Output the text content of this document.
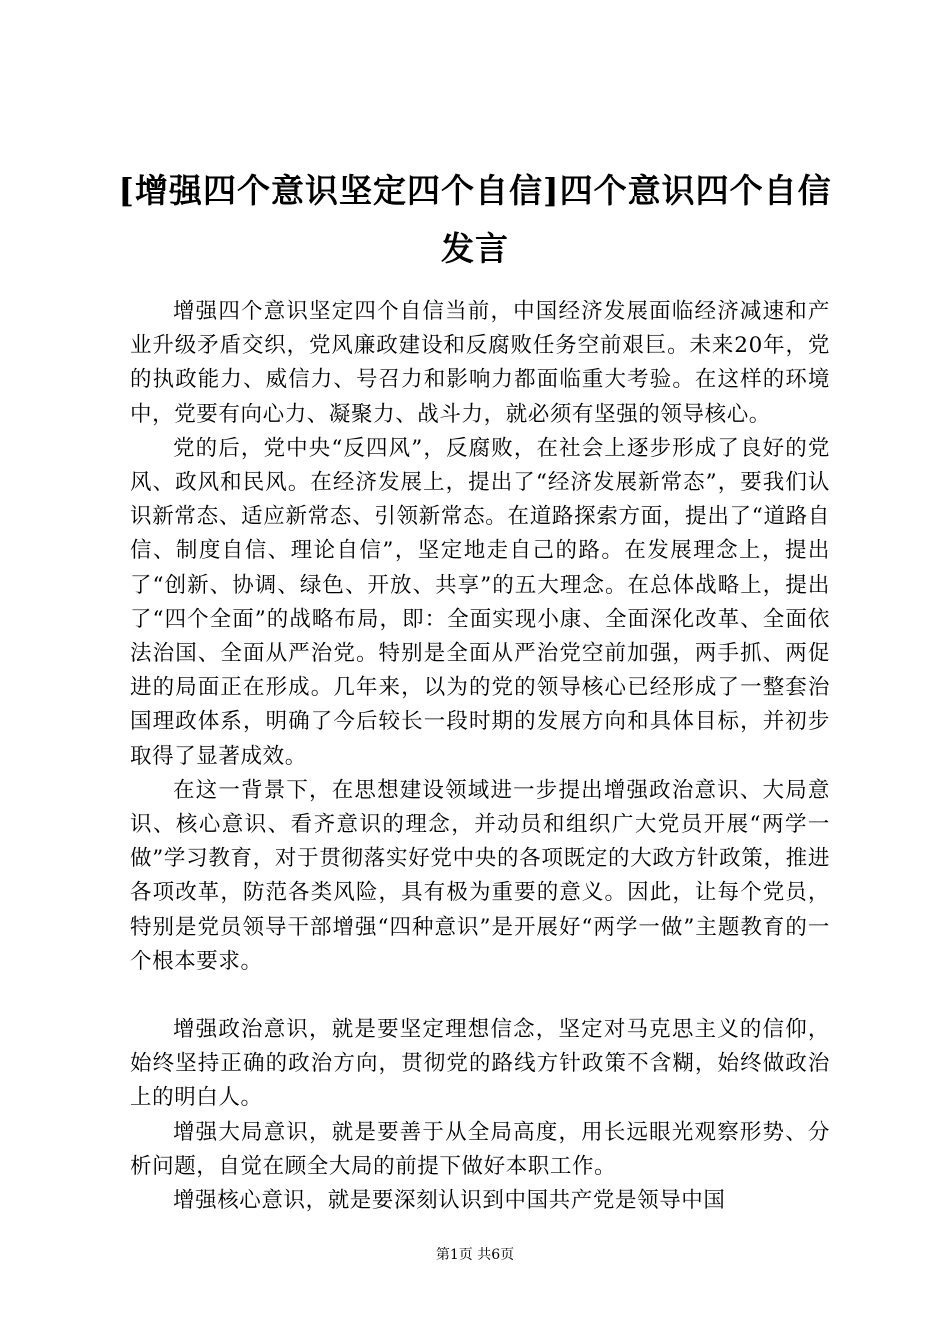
[增强四个意识坚定四个自信]四个意识四个自信发言

增强四个意识坚定四个自信当前，中国经济发展面临经济减速和产业升级矛盾交织，党风廉政建设和反腐败任务空前艰巨。未来20年，党的执政能力、威信力、号召力和影响力都面临重大考验。在这样的环境中，党要有向心力、凝聚力、战斗力，就必须有坚强的领导核心。

党的后，党中央“反四风”，反腐败，在社会上逐步形成了良好的党风、政风和民风。在经济发展上，提出了“经济发展新常态”，要我们认识新常态、适应新常态、引领新常态。在道路探索方面，提出了“道路自信、制度自信、理论自信”，坚定地走自己的路。在发展理念上，提出了“创新、协调、绿色、开放、共享”的五大理念。在总体战略上，提出了“四个全面”的战略布局，即：全面实现小康、全面深化改革、全面依法治国、全面从严治党。特别是全面从严治党空前加强，两手抓、两促进的局面正在形成。几年来，以为的党的领导核心已经形成了一整套治国理政体系，明确了今后较长一段时期的发展方向和具体目标，并初步取得了显著成效。

在这一背景下，在思想建设领域进一步提出增强政治意识、大局意识、核心意识、看齐意识的理念，并动员和组织广大党员开展“两学一做”学习教育，对于贯彻落实好党中央的各项既定的大政方针政策，推进各项改革，防范各类风险，具有极为重要的意义。因此，让每个党员，特别是党员领导干部增强“四种意识”是开展好“两学一做”主题教育的一个根本要求。

增强政治意识，就是要坚定理想信念，坚定对马克思主义的信仰，始终坚持正确的政治方向，贯彻党的路线方针政策不含糊，始终做政治上的明白人。

增强大局意识，就是要善于从全局高度，用长远眼光观察形势、分析问题，自觉在顾全大局的前提下做好本职工作。

增强核心意识，就是要深刻认识到中国共产党是领导中国

第1页 共6页
